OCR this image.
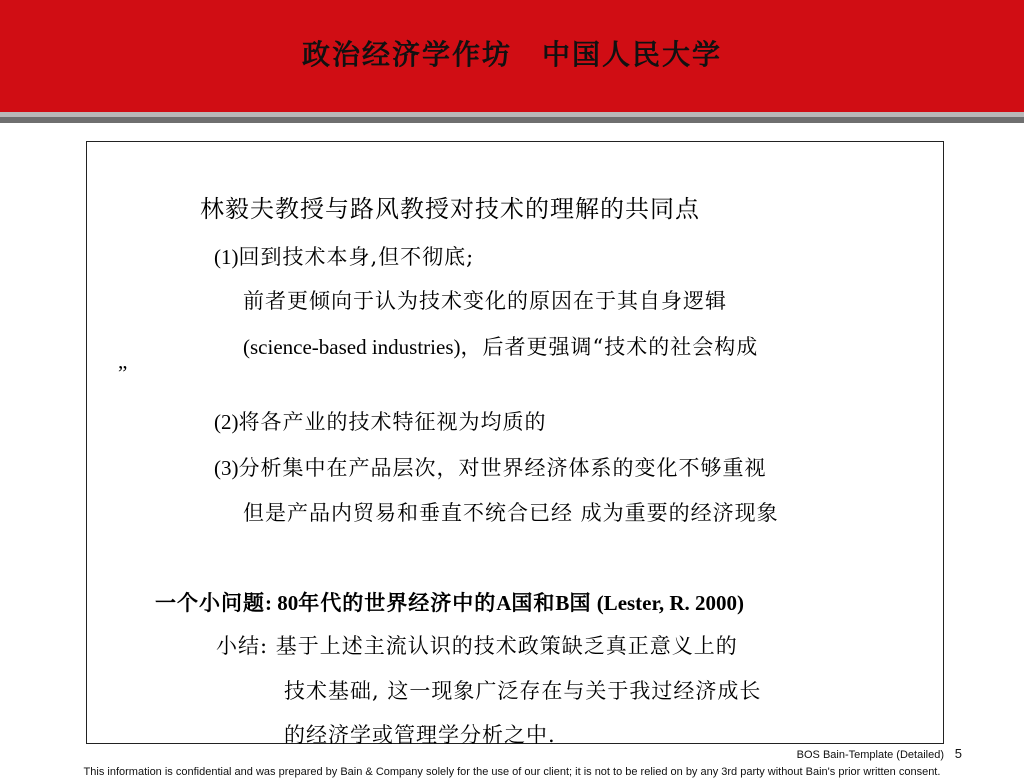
政治经济学作坊　中国人民大学
林毅夫教授与路风教授对技术的理解的共同点
(1)回到技术本身,但不彻底;
前者更倾向于认为技术变化的原因在于其自身逻辑
(science-based industries)，后者更强调“技术的社会构成
”
(2)将各产业的技术特征视为均质的
(3)分析集中在产品层次，对世界经济体系的变化不够重视
但是产品内贸易和垂直不统合已经 成为重要的经济现象
一个小问题: 80年代的世界经济中的A国和B国 (Lester, R. 2000)
小结: 基于上述主流认识的技术政策缺乏真正意义上的
技术基础, 这一现象广泛存在与关于我过经济成长
的经济学或管理学分析之中.
BOS Bain-Template (Detailed) 5
This information is confidential and was prepared by Bain & Company solely for the use of our client; it is not to be relied on by any 3rd party without Bain's prior written consent.
